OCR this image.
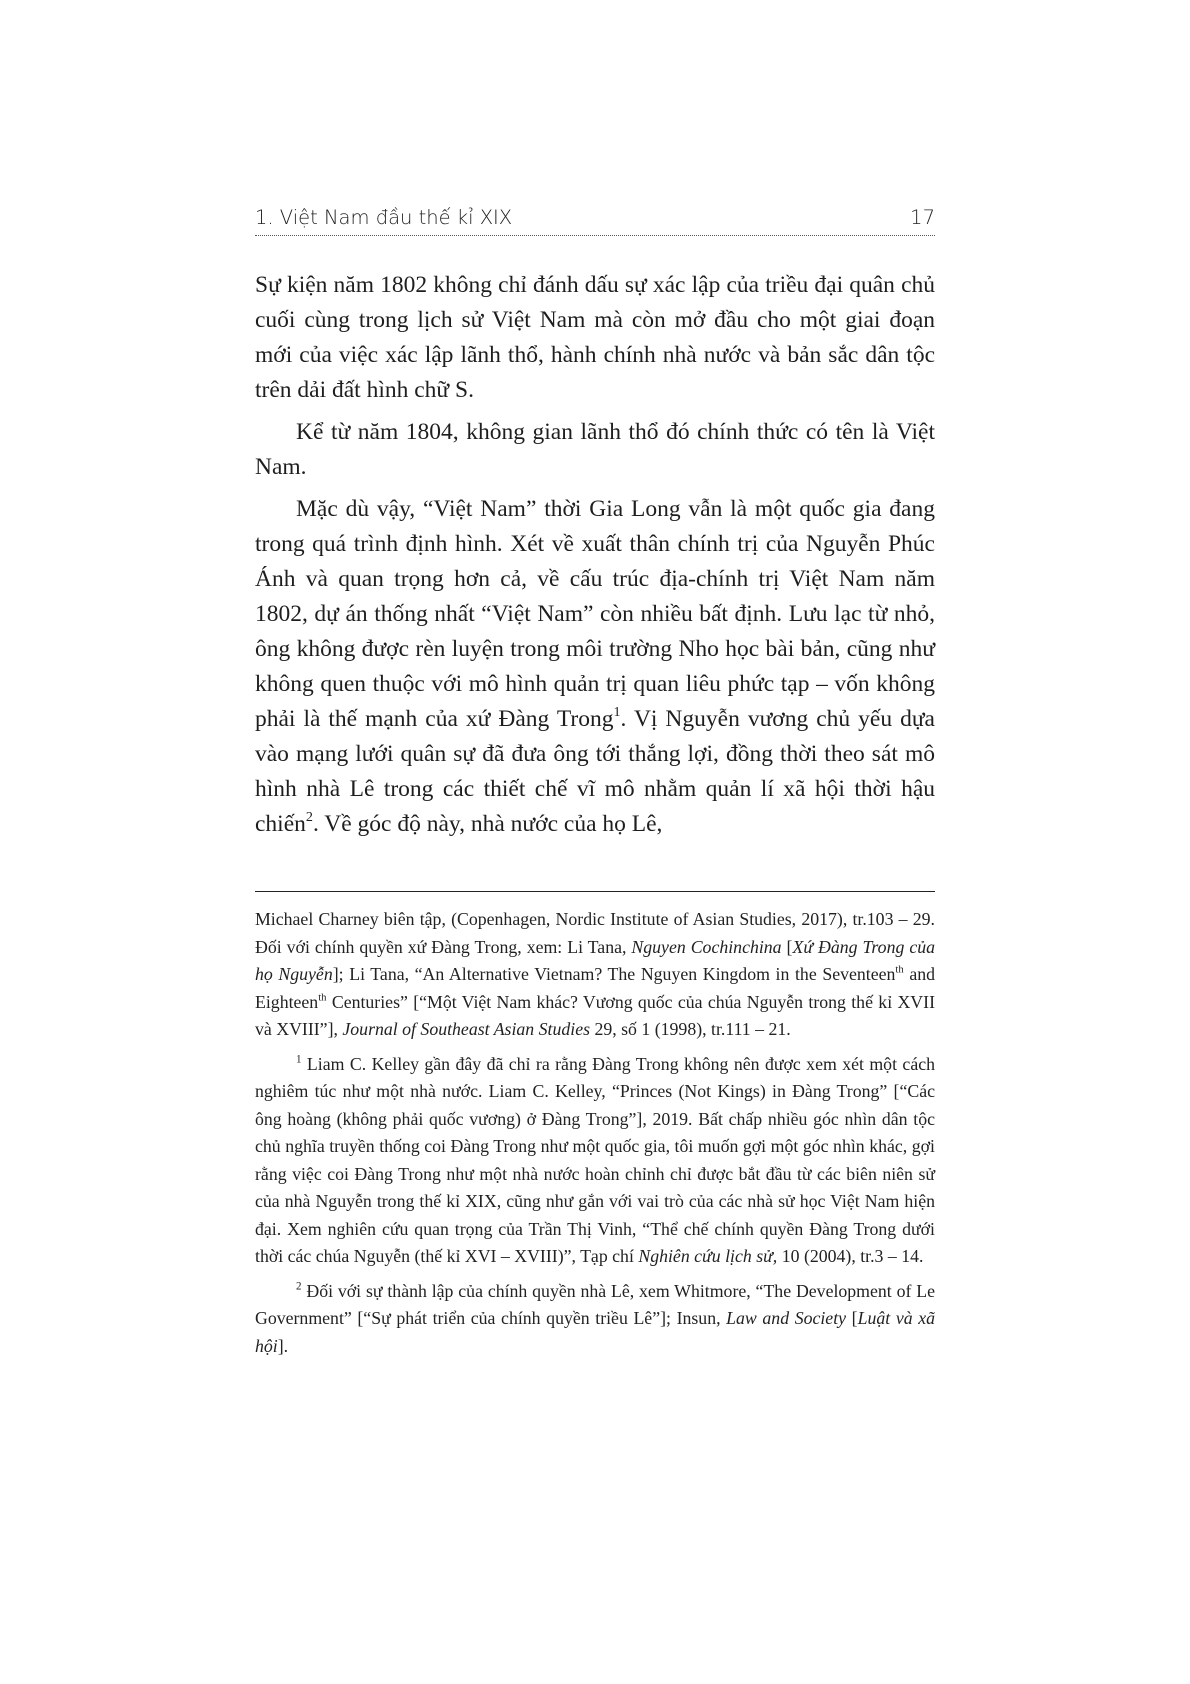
1. Việt Nam đầu thế kỉ XIX	17

Sự kiện năm 1802 không chỉ đánh dấu sự xác lập của triều đại quân chủ cuối cùng trong lịch sử Việt Nam mà còn mở đầu cho một giai đoạn mới của việc xác lập lãnh thổ, hành chính nhà nước và bản sắc dân tộc trên dải đất hình chữ S.

Kể từ năm 1804, không gian lãnh thổ đó chính thức có tên là Việt Nam.

Mặc dù vậy, “Việt Nam” thời Gia Long vẫn là một quốc gia đang trong quá trình định hình. Xét về xuất thân chính trị của Nguyễn Phúc Ánh và quan trọng hơn cả, về cấu trúc địa-chính trị Việt Nam năm 1802, dự án thống nhất “Việt Nam” còn nhiều bất định. Lưu lạc từ nhỏ, ông không được rèn luyện trong môi trường Nho học bài bản, cũng như không quen thuộc với mô hình quản trị quan liêu phức tạp – vốn không phải là thế mạnh của xứ Đàng Trong$^1$. Vị Nguyễn vương chủ yếu dựa vào mạng lưới quân sự đã đưa ông tới thắng lợi, đồng thời theo sát mô hình nhà Lê trong các thiết chế vĩ mô nhằm quản lí xã hội thời hậu chiến$^2$. Về góc độ này, nhà nước của họ Lê,

Michael Charney biên tập, (Copenhagen, Nordic Institute of Asian Studies, 2017), tr.103 – 29. Đối với chính quyền xứ Đàng Trong, xem: Li Tana, Nguyen Cochinchina [Xứ Đàng Trong của họ Nguyễn]; Li Tana, “An Alternative Vietnam? The Nguyen Kingdom in the Seventeen$^{th}$ and Eighteen$^{th}$ Centuries” [“Một Việt Nam khác? Vương quốc của chúa Nguyễn trong thế kỉ XVII và XVIII”], Journal of Southeast Asian Studies 29, số 1 (1998), tr.111 – 21.

$^1$ Liam C. Kelley gần đây đã chỉ ra rằng Đàng Trong không nên được xem xét một cách nghiêm túc như một nhà nước. Liam C. Kelley, “Princes (Not Kings) in Đàng Trong” [“Các ông hoàng (không phải quốc vương) ở Đàng Trong”], 2019. Bất chấp nhiều góc nhìn dân tộc chủ nghĩa truyền thống coi Đàng Trong như một quốc gia, tôi muốn gợi một góc nhìn khác, gợi rằng việc coi Đàng Trong như một nhà nước hoàn chỉnh chỉ được bắt đầu từ các biên niên sử của nhà Nguyễn trong thế kỉ XIX, cũng như gắn với vai trò của các nhà sử học Việt Nam hiện đại. Xem nghiên cứu quan trọng của Trần Thị Vinh, “Thể chế chính quyền Đàng Trong dưới thời các chúa Nguyễn (thế kỉ XVI – XVIII)”, Tạp chí Nghiên cứu lịch sử, 10 (2004), tr.3 – 14.

$^2$ Đối với sự thành lập của chính quyền nhà Lê, xem Whitmore, “The Development of Le Government” [“Sự phát triển của chính quyền triều Lê”]; Insun, Law and Society [Luật và xã hội].
